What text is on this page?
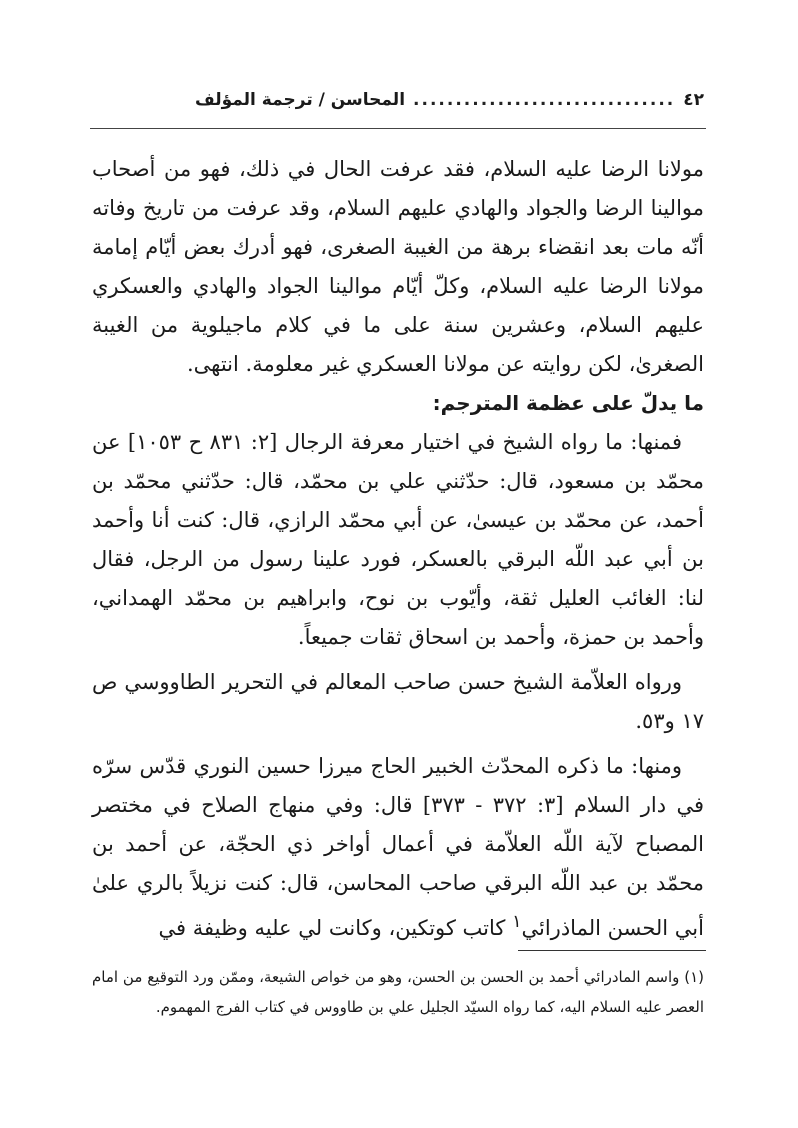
٤٢
...............................
المحاسن / ترجمة المؤلف

مولانا الرضا عليه السلام، فقد عرفت الحال في ذلك، فهو من أصحاب موالينا الرضا والجواد والهادي عليهم السلام، وقد عرفت من تاريخ وفاته أنّه مات بعد انقضاء برهة من الغيبة الصغرى، فهو أدرك بعض أيّام إمامة مولانا الرضا عليه السلام، وكلّ أيّام موالينا الجواد والهادي والعسكري عليهم السلام، وعشرين سنة على ما في كلام ماجيلوية من الغيبة الصغرىٰ، لكن روايته عن مولانا العسكري غير معلومة. انتهى.

ما يدلّ على عظمة المترجم:

فمنها: ما رواه الشيخ في اختيار معرفة الرجال [٢: ٨٣١ ح ١٠٥٣] عن محمّد بن مسعود، قال: حدّثني علي بن محمّد، قال: حدّثني محمّد بن أحمد، عن محمّد بن عيسىٰ، عن أبي محمّد الرازي، قال: كنت أنا وأحمد بن أبي عبد اللّه البرقي بالعسكر، فورد علينا رسول من الرجل، فقال لنا: الغائب العليل ثقة، وأيّوب بن نوح، وابراهيم بن محمّد الهمداني، وأحمد بن حمزة، وأحمد بن اسحاق ثقات جميعاً.

ورواه العلاّمة الشيخ حسن صاحب المعالم في التحرير الطاووسي ص ١٧ و٥٣.

ومنها: ما ذكره المحدّث الخبير الحاج ميرزا حسين النوري قدّس سرّه في دار السلام [٣: ٣٧٢ - ٣٧٣] قال: وفي منهاج الصلاح في مختصر المصباح لآية اللّه العلاّمة في أعمال أواخر ذي الحجّة، عن أحمد بن محمّد بن عبد اللّه البرقي صاحب المحاسن، قال: كنت نزيلاً بالري علىٰ أبي الحسن الماذرائي$^١$ كاتب كوتكين، وكانت لي عليه وظيفة في

(١) واسم المادرائي أحمد بن الحسن بن الحسن، وهو من خواص الشيعة، وممّن ورد التوقيع من امام العصر عليه السلام اليه، كما رواه السيّد الجليل علي بن طاووس في كتاب الفرج المهموم.
